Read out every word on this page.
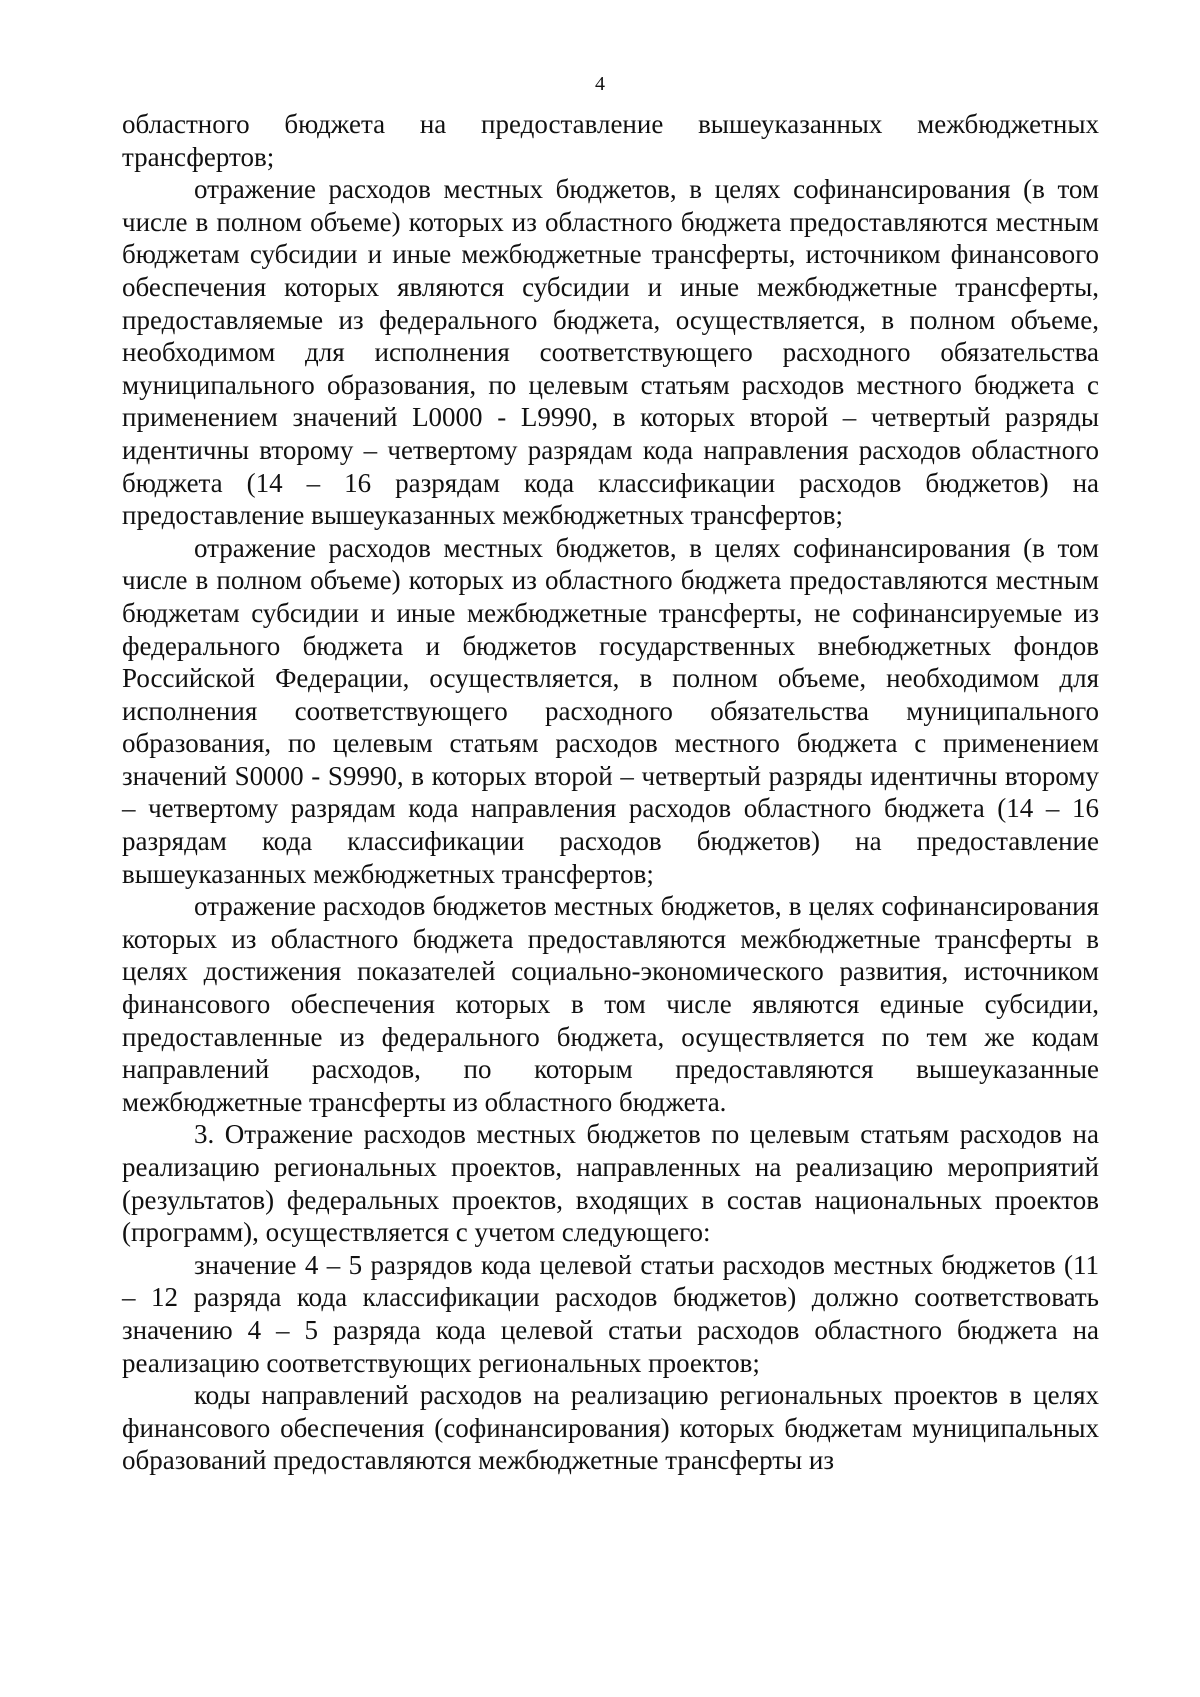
4

областного бюджета на предоставление вышеуказанных межбюджетных трансфертов;

отражение расходов местных бюджетов, в целях софинансирования (в том числе в полном объеме) которых из областного бюджета предоставляются местным бюджетам субсидии и иные межбюджетные трансферты, источником финансового обеспечения которых являются субсидии и иные межбюджетные трансферты, предоставляемые из федерального бюджета, осуществляется, в полном объеме, необходимом для исполнения соответствующего расходного обязательства муниципального образования, по целевым статьям расходов местного бюджета с применением значений L0000 - L9990, в которых второй – четвертый разряды идентичны второму – четвертому разрядам кода направления расходов областного бюджета (14 – 16 разрядам кода классификации расходов бюджетов) на предоставление вышеуказанных межбюджетных трансфертов;

отражение расходов местных бюджетов, в целях софинансирования (в том числе в полном объеме) которых из областного бюджета предоставляются местным бюджетам субсидии и иные межбюджетные трансферты, не софинансируемые из федерального бюджета и бюджетов государственных внебюджетных фондов Российской Федерации, осуществляется, в полном объеме, необходимом для исполнения соответствующего расходного обязательства муниципального образования, по целевым статьям расходов местного бюджета с применением значений S0000 - S9990, в которых второй – четвертый разряды идентичны второму – четвертому разрядам кода направления расходов областного бюджета (14 – 16 разрядам кода классификации расходов бюджетов) на предоставление вышеуказанных межбюджетных трансфертов;

отражение расходов бюджетов местных бюджетов, в целях софинансирования которых из областного бюджета предоставляются межбюджетные трансферты в целях достижения показателей социально-экономического развития, источником финансового обеспечения которых в том числе являются единые субсидии, предоставленные из федерального бюджета, осуществляется по тем же кодам направлений расходов, по которым предоставляются вышеуказанные межбюджетные трансферты из областного бюджета.

3. Отражение расходов местных бюджетов по целевым статьям расходов на реализацию региональных проектов, направленных на реализацию мероприятий (результатов) федеральных проектов, входящих в состав национальных проектов (программ), осуществляется с учетом следующего:

значение 4 – 5 разрядов кода целевой статьи расходов местных бюджетов (11 – 12 разряда кода классификации расходов бюджетов) должно соответствовать значению 4 – 5 разряда кода целевой статьи расходов областного бюджета на реализацию соответствующих региональных проектов;

коды направлений расходов на реализацию региональных проектов в целях финансового обеспечения (софинансирования) которых бюджетам муниципальных образований предоставляются межбюджетные трансферты из
